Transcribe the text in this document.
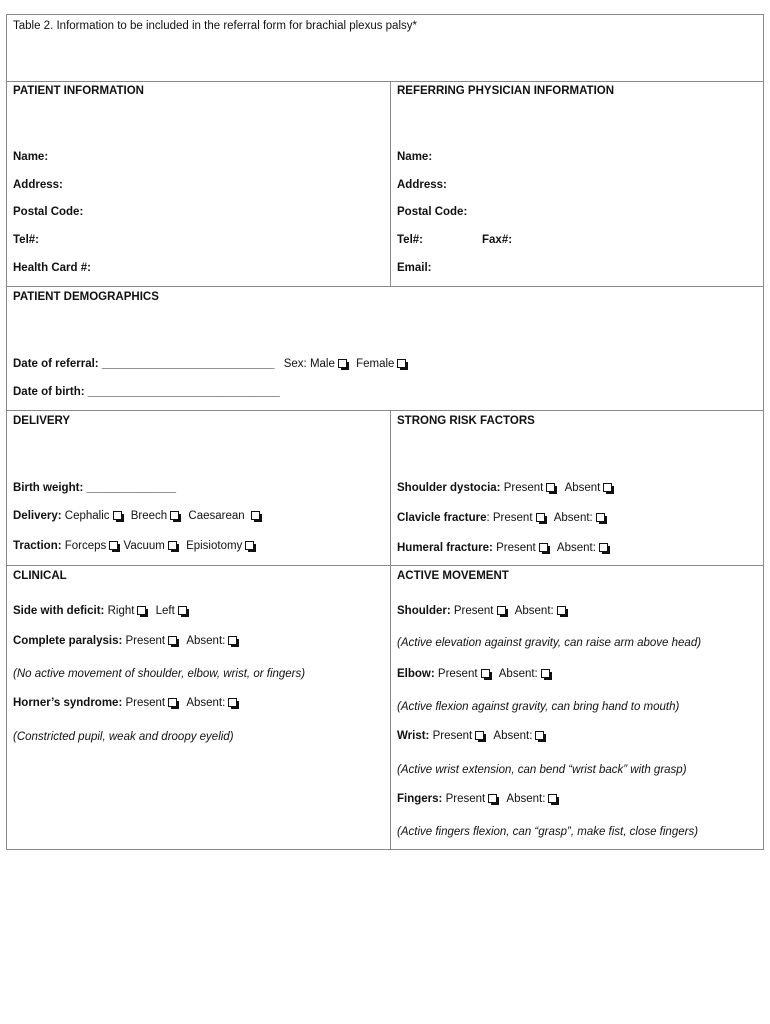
Table 2. Information to be included in the referral form for brachial plexus palsy*
PATIENT INFORMATION
Name:
Address:
Postal Code:
Tel#:
Health Card #:
REFERRING PHYSICIAN INFORMATION
Name:
Address:
Postal Code:
Tel#:	Fax#:
Email:
PATIENT DEMOGRAPHICS
Date of referral: ___________________________ Sex: Male Female
Date of birth: ______________________________
DELIVERY
Birth weight: ______________
Delivery: Cephalic Breech Caesarean
Traction: Forceps Vacuum Episiotomy
STRONG RISK FACTORS
Shoulder dystocia: Present Absent
Clavicle fracture: Present Absent:
Humeral fracture: Present Absent:
CLINICAL
Side with deficit: Right Left
Complete paralysis: Present Absent:
(No active movement of shoulder, elbow, wrist, or fingers)
Horner’s syndrome: Present Absent:
(Constricted pupil, weak and droopy eyelid)
ACTIVE MOVEMENT
Shoulder: Present Absent:
(Active elevation against gravity, can raise arm above head)
Elbow: Present Absent:
(Active flexion against gravity, can bring hand to mouth)
Wrist: Present Absent:
(Active wrist extension, can bend “wrist back” with grasp)
Fingers: Present Absent:
(Active fingers flexion, can “grasp”, make fist, close fingers)
